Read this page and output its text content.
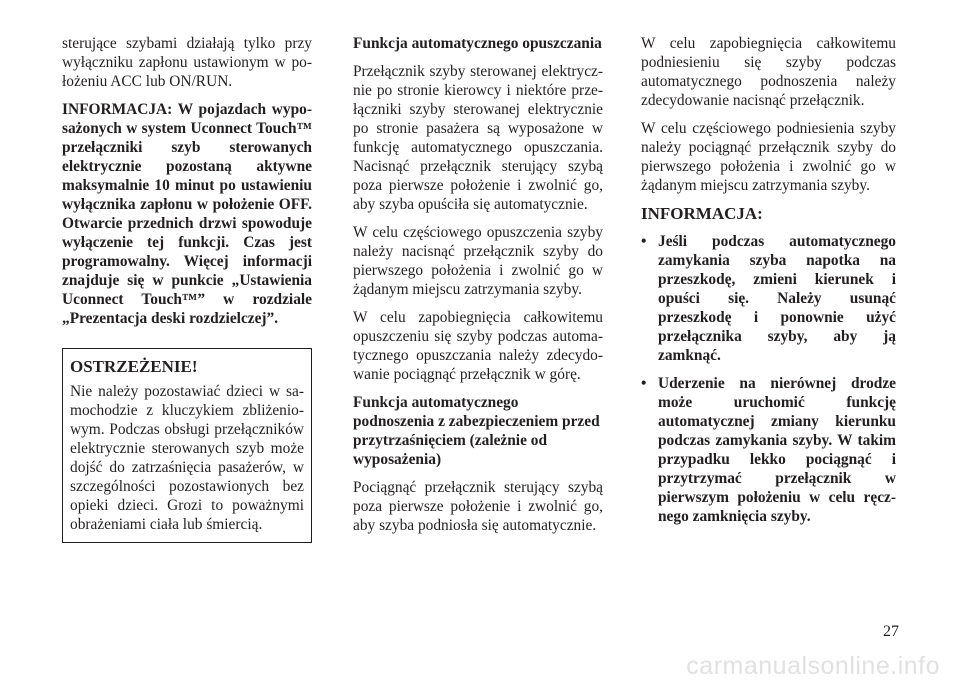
sterujące szybami działają tylko przy wyłączniku zapłonu ustawionym w położeniu ACC lub ON/RUN.

INFORMACJA: W pojazdach wyposażonych w system Uconnect Touch™ przełączniki szyb sterowanych elektrycznie pozostaną aktywne maksymalnie 10 minut po ustawieniu wyłącznika zapłonu w położenie OFF. Otwarcie przednich drzwi spowoduje wyłączenie tej funkcji. Czas jest programowalny. Więcej informacji znajduje się w punkcie „Ustawienia Uconnect Touch™” w rozdziale „Prezentacja deski rozdzielczej”.

OSTRZEŻENIE!

Nie należy pozostawiać dzieci w samochodzie z kluczykiem zbliżeniowym. Podczas obsługi przełączników elektrycznie sterowanych szyb może dojść do zatrzaśnięcia pasażerów, w szczególności pozostawionych bez opieki dzieci. Grozi to poważnymi obrażeniami ciała lub śmiercią.

Funkcja automatycznego opuszczania

Przełącznik szyby sterowanej elektrycznie po stronie kierowcy i niektóre przełączniki szyby sterowanej elektrycznie po stronie pasażera są wyposażone w funkcję automatycznego opuszczania. Nacisnąć przełącznik sterujący szybą poza pierwsze położenie i zwolnić go, aby szyba opuściła się automatycznie.

W celu częściowego opuszczenia szyby należy nacisnąć przełącznik szyby do pierwszego położenia i zwolnić go w żądanym miejscu zatrzymania szyby.

W celu zapobiegnięcia całkowitemu opuszczeniu się szyby podczas automatycznego opuszczania należy zdecydowanie pociągnąć przełącznik w górę.

Funkcja automatycznego podnoszenia z zabezpieczeniem przed przytrzaśnięciem (zależnie od wyposażenia)

Pociągnąć przełącznik sterujący szybą poza pierwsze położenie i zwolnić go, aby szyba podniosła się automatycznie.

W celu zapobiegnięcia całkowitemu podniesieniu się szyby podczas automatycznego podnoszenia należy zdecydowanie nacisnąć przełącznik.

W celu częściowego podniesienia szyby należy pociągnąć przełącznik szyby do pierwszego położenia i zwolnić go w żądanym miejscu zatrzymania szyby.

INFORMACJA:
• Jeśli podczas automatycznego zamykania szyba napotka na przeszkodę, zmieni kierunek i opuści się. Należy usunąć przeszkodę i ponownie użyć przełącznika szyby, aby ją zamknąć.
• Uderzenie na nierównej drodze może uruchomić funkcję automatycznej zmiany kierunku podczas zamykania szyby. W takim przypadku lekko pociągnąć i przytrzymać przełącznik w pierwszym położeniu w celu ręcznego zamknięcia szyby.
27
carmanualsonline.info
